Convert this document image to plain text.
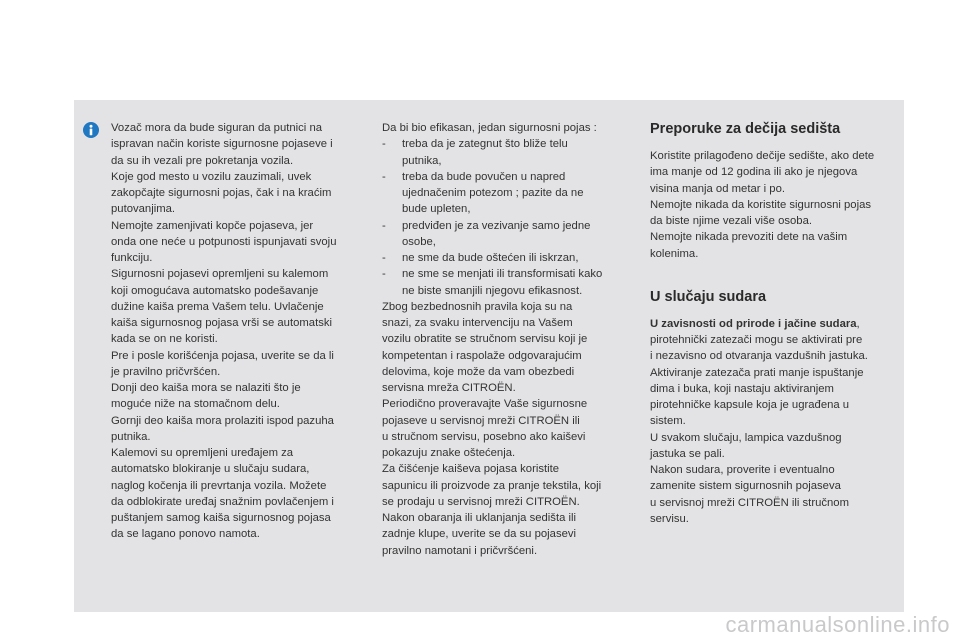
Vozač mora da bude siguran da putnici na

ispravan način koriste sigurnosne pojaseve i

da su ih vezali pre pokretanja vozila.

Koje god mesto u vozilu zauzimali, uvek

zakopčajte sigurnosni pojas, čak i na kraćim

putovanjima.

Nemojte zamenjivati kopče pojaseva, jer

onda one neće u potpunosti ispunjavati svoju

funkciju.

Sigurnosni pojasevi opremljeni su kalemom

koji omogućava automatsko podešavanje

dužine kaiša prema Vašem telu. Uvlačenje

kaiša sigurnosnog pojasa vrši se automatski

kada se on ne koristi.

Pre i posle korišćenja pojasa, uverite se da li

je pravilno pričvršćen.

Donji deo kaiša mora se nalaziti što je

moguće niže na stomačnom delu.

Gornji deo kaiša mora prolaziti ispod pazuha

putnika.

Kalemovi su opremljeni uređajem za

automatsko blokiranje u slučaju sudara,

naglog kočenja ili prevrtanja vozila. Možete

da odblokirate uređaj snažnim povlačenjem i

puštanjem samog kaiša sigurnosnog pojasa

da se lagano ponovo namota.

Da bi bio efikasan, jedan sigurnosni pojas :

-	treba da je zategnut što bliže telu
putnika,
-	treba da bude povučen u napred
ujednačenim potezom ; pazite da ne
bude upleten,
-	predviđen je za vezivanje samo jedne
osobe,
-	ne sme da bude oštećen ili iskrzan,
-	ne sme se menjati ili transformisati kako
ne biste smanjili njegovu efikasnost.

Zbog bezbednosnih pravila koja su na

snazi, za svaku intervenciju na Vašem

vozilu obratite se stručnom servisu koji je

kompetentan i raspolaže odgovarajućim

delovima, koje može da vam obezbedi

servisna mreža CITROËN.

Periodično proveravajte Vaše sigurnosne

pojaseve u servisnoj mreži CITROËN ili

u stručnom servisu, posebno ako kaiševi

pokazuju znake oštećenja.

Za čišćenje kaiševa pojasa koristite

sapunicu ili proizvode za pranje tekstila, koji

se prodaju u servisnoj mreži CITROËN.

Nakon obaranja ili uklanjanja sedišta ili

zadnje klupe, uverite se da su pojasevi

pravilno namotani i pričvršćeni.

Preporuke za dečija sedišta

Koristite prilagođeno dečije sedište, ako dete

ima manje od 12 godina ili ako je njegova

visina manja od metar i po.

Nemojte nikada da koristite sigurnosni pojas

da biste njime vezali više osoba.

Nemojte nikada prevoziti dete na vašim

kolenima.

U slučaju sudara

U zavisnosti od prirode i jačine sudara,

pirotehnički zatezači mogu se aktivirati pre

i nezavisno od otvaranja vazdušnih jastuka.

Aktiviranje zatezača prati manje ispuštanje

dima i buka, koji nastaju aktiviranjem

pirotehničke kapsule koja je ugrađena u

sistem.

U svakom slučaju, lampica vazdušnog

jastuka se pali.

Nakon sudara, proverite i eventualno

zamenite sistem sigurnosnih pojaseva

u servisnoj mreži CITROËN ili stručnom

servisu.

carmanualsonline.info
